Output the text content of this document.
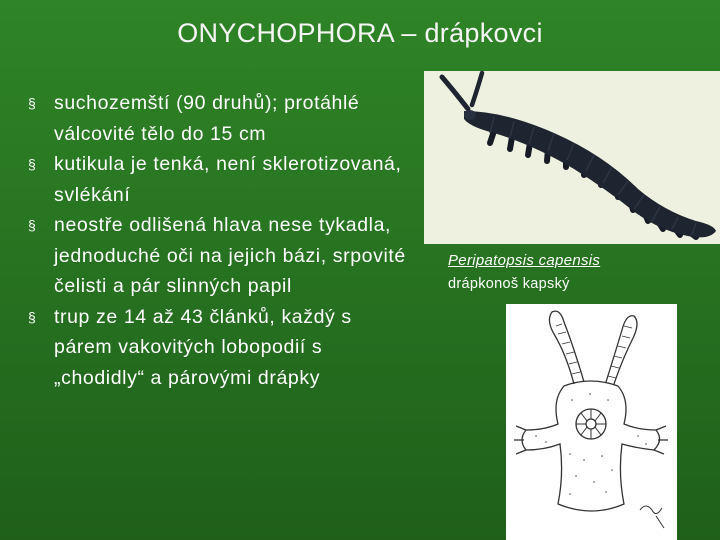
ONYCHOPHORA – drápkovci
§ suchozemští (90 druhů); protáhlé válcovité tělo do 15 cm
§ kutikula je tenká, není sklerotizovaná, svlékání
§ neostře odlišená hlava nese tykadla, jednoduché oči na jejich bázi, srpovité čelisti a pár slinných papil
§ trup ze 14 až 43 článků, každý s párem vakovitých lobopodií s „chodidly“ a párovými drápky
Peripatopsis capensis
drápkonoš kapský
